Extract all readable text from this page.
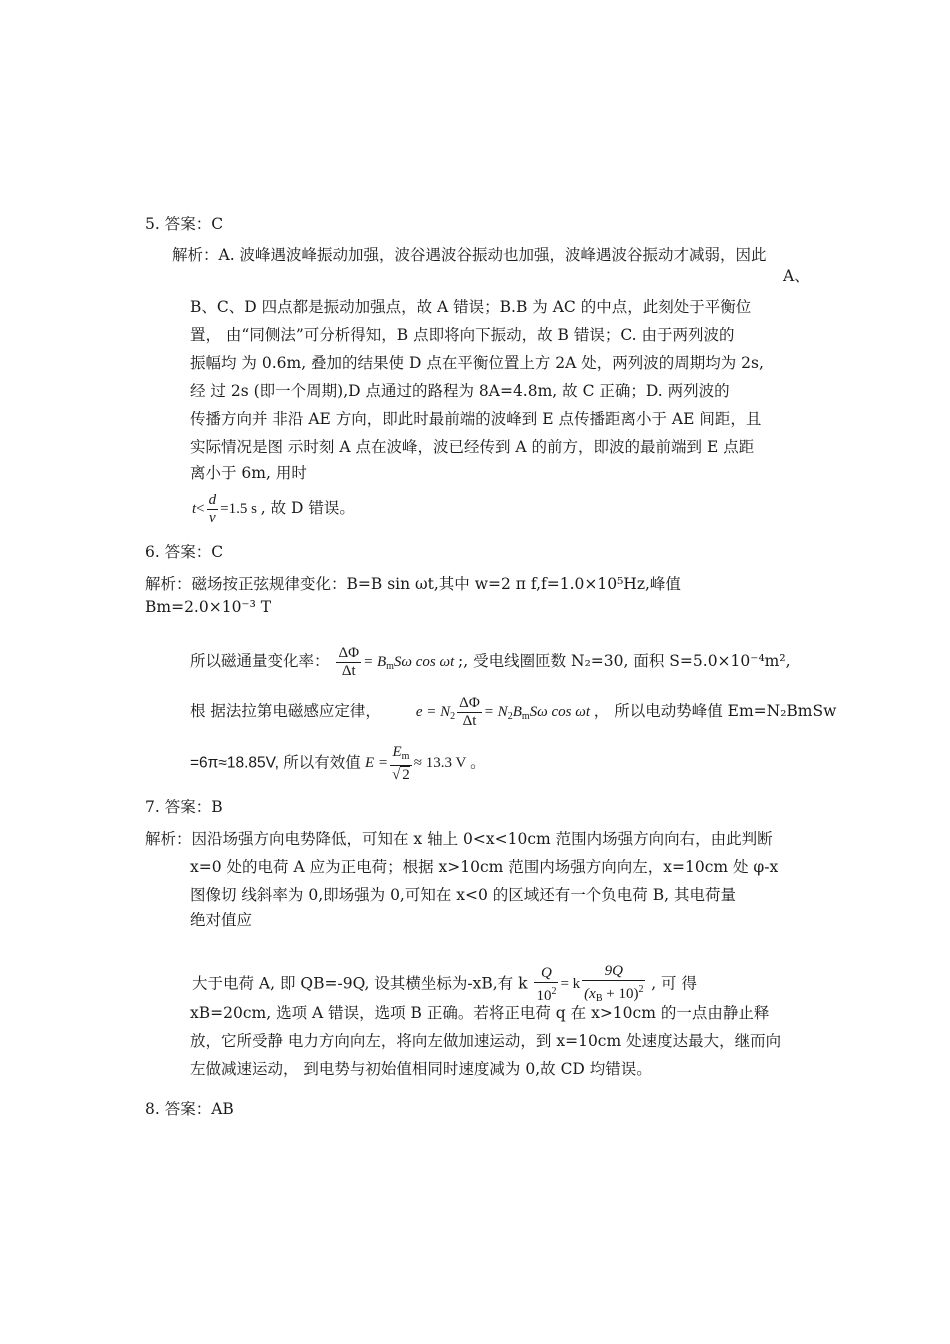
5. 答案：C
解析：A. 波峰遇波峰振动加强，波谷遇波谷振动也加强，波峰遇波谷振动才减弱，因此
A、
B、C、D 四点都是振动加强点，故 A 错误；B.B 为 AC 的中点，此刻处于平衡位
置， 由“同侧法”可分析得知，B 点即将向下振动，故 B 错误；C. 由于两列波的
振幅均 为 0.6m, 叠加的结果使 D 点在平衡位置上方 2A 处，两列波的周期均为 2s,
经 过 2s (即一个周期),D 点通过的路程为 8A=4.8m, 故 C 正确；D. 两列波的
传播方向并 非沿 AE 方向，即此时最前端的波峰到 E 点传播距离小于 AE 间距，且
实际情况是图 示时刻 A 点在波峰，波已经传到 A 的前方，即波的最前端到 E 点距
离小于 6m, 用时
$t< \frac{d}{v} =1.5$ s , 故 D 错误。
6. 答案：C
解析：磁场按正弦规律变化：B=B sin ωt,其中 w=2 π f,f=1.0×10⁵Hz,峰值
Bm=2.0×10⁻³ T
所以磁通量变化率： $\frac{\Delta\Phi}{\Delta t} = B_mS\omega$ cos ωt ;, 受电线圈匝数 N₂=30, 面积 S=5.0×10⁻⁴m²,
根 据法拉第电磁感应定律， $e = N_2 \frac{\Delta\Phi}{\Delta t} = N_2B_mS\omega$ cos ωt ， 所以电动势峰值 Em=N₂BmSw
=6π≈18.85V, 所以有效值 $E = \frac{E_m}{√ 2} \approx 13.3$ V 。
7. 答案：B
解析：因沿场强方向电势降低，可知在 x 轴上 0<x<10cm 范围内场强方向向右，由此判断
x=0 处的电荷 A 应为正电荷；根据 x>10cm 范围内场强方向向左，x=10cm 处 φ-x
图像切 线斜率为 0,即场强为 0,可知在 x<0 的区域还有一个负电荷 B, 其电荷量
绝对值应
大于电荷 A, 即 QB=-9Q, 设其横坐标为-xB,有 k $\frac{Q}{10^2} = k \frac{9Q}{(x_B + 10)^2}$ , 可 得
xB=20cm, 选项 A 错误，选项 B 正确。若将正电荷 q 在 x>10cm 的一点由静止释
放，它所受静 电力方向向左，将向左做加速运动，到 x=10cm 处速度达最大，继而向
左做减速运动， 到电势与初始值相同时速度减为 0,故 CD 均错误。
8. 答案：AB
